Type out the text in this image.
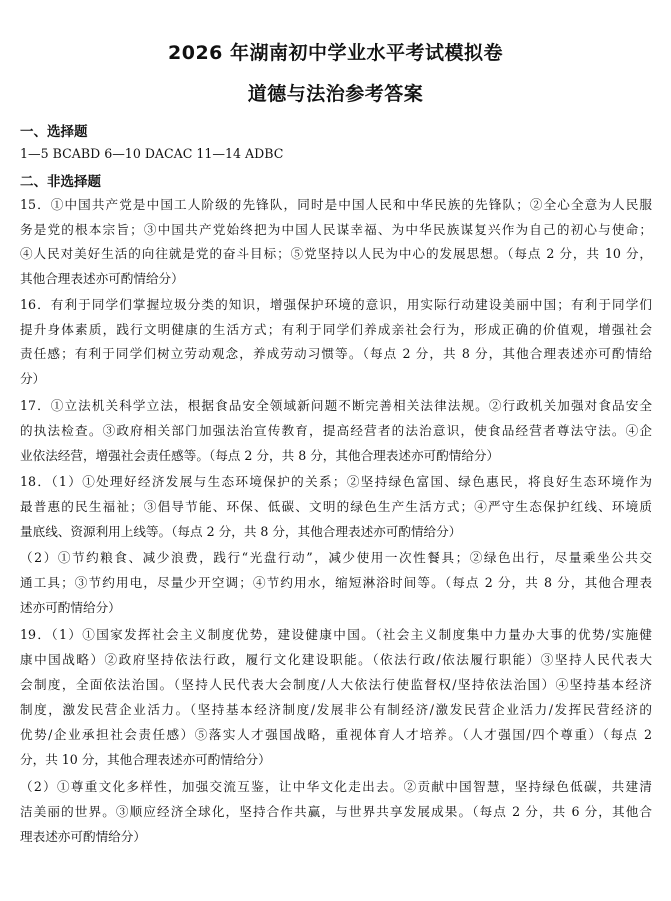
2026 年湖南初中学业水平考试模拟卷
道德与法治参考答案
一、选择题
1—5 BCABD 6—10 DACAC 11—14 ADBC
二、非选择题
15．①中国共产党是中国工人阶级的先锋队，同时是中国人民和中华民族的先锋队；②全心全意为人民服
务是党的根本宗旨；③中国共产党始终把为中国人民谋幸福、为中华民族谋复兴作为自己的初心与使命；
④人民对美好生活的向往就是党的奋斗目标；⑤党坚持以人民为中心的发展思想。（每点 2 分，共 10 分，
其他合理表述亦可酌情给分）
16．有利于同学们掌握垃圾分类的知识，增强保护环境的意识，用实际行动建设美丽中国；有利于同学们
提升身体素质，践行文明健康的生活方式；有利于同学们养成亲社会行为，形成正确的价值观，增强社会
责任感；有利于同学们树立劳动观念，养成劳动习惯等。（每点 2 分，共 8 分，其他合理表述亦可酌情给
分）
17．①立法机关科学立法，根据食品安全领域新问题不断完善相关法律法规。②行政机关加强对食品安全
的执法检查。③政府相关部门加强法治宣传教育，提高经营者的法治意识，使食品经营者尊法守法。④企
业依法经营，增强社会责任感等。（每点 2 分，共 8 分，其他合理表述亦可酌情给分）
18．（1）①处理好经济发展与生态环境保护的关系；②坚持绿色富国、绿色惠民，将良好生态环境作为
最普惠的民生福祉；③倡导节能、环保、低碳、文明的绿色生产生活方式；④严守生态保护红线、环境质
量底线、资源利用上线等。（每点 2 分，共 8 分，其他合理表述亦可酌情给分）
（2）①节约粮食、减少浪费，践行“光盘行动”，减少使用一次性餐具；②绿色出行，尽量乘坐公共交
通工具；③节约用电，尽量少开空调；④节约用水，缩短淋浴时间等。（每点 2 分，共 8 分，其他合理表
述亦可酌情给分）
19．（1）①国家发挥社会主义制度优势，建设健康中国。（社会主义制度集中力量办大事的优势/实施健
康中国战略）②政府坚持依法行政，履行文化建设职能。（依法行政/依法履行职能）③坚持人民代表大
会制度，全面依法治国。（坚持人民代表大会制度/人大依法行使监督权/坚持依法治国）④坚持基本经济
制度，激发民营企业活力。（坚持基本经济制度/发展非公有制经济/激发民营企业活力/发挥民营经济的
优势/企业承担社会责任感）⑤落实人才强国战略，重视体育人才培养。（人才强国/四个尊重）（每点 2
分，共 10 分，其他合理表述亦可酌情给分）
（2）①尊重文化多样性，加强交流互鉴，让中华文化走出去。②贡献中国智慧，坚持绿色低碳，共建清
洁美丽的世界。③顺应经济全球化，坚持合作共赢，与世界共享发展成果。（每点 2 分，共 6 分，其他合
理表述亦可酌情给分）
